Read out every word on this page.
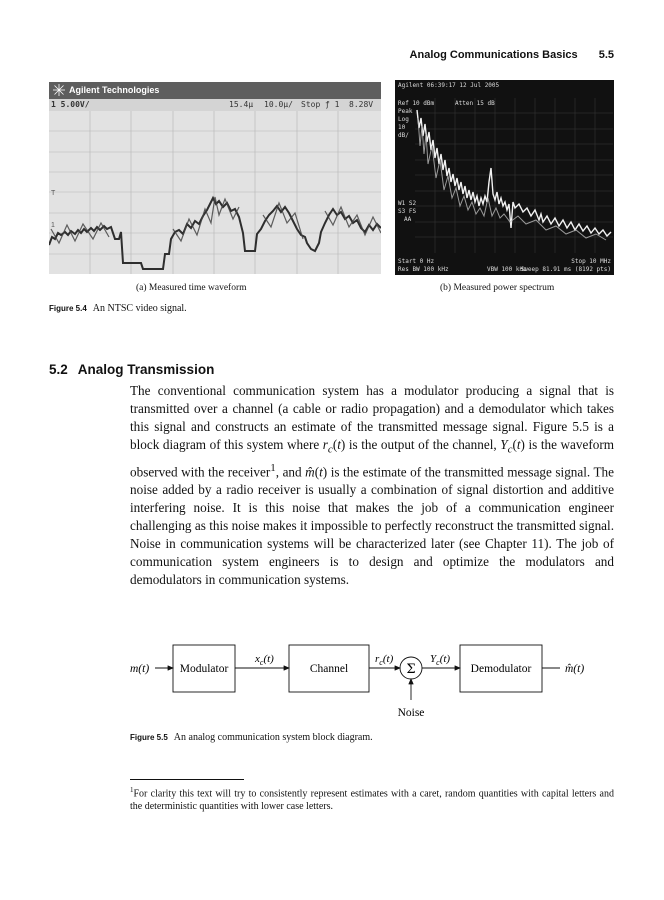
Analog Communications Basics 5.5
Agilent Technologies
1 5.00V/	15.4µ 10.0µ/ Stop ƒ 1 8.28V
T
1
Agilent 06:39:17 12 Jul 2005
Ref 10 dBm	Atten 15 dB
Peak
Log
10
dB/
W1 S2
S3 FS
AA
Start 0 Hz	Stop 10 MHz
Res BW 100 kHz	VBW 100 kHz
Sweep 81.91 ms (8192 pts)
(a) Measured time waveform	(b) Measured power spectrum
Figure 5.4 An NTSC video signal.
5.2 Analog Transmission
The conventional communication system has a modulator producing a signal that is transmitted over a channel (a cable or radio propagation) and a demodulator which takes this signal and constructs an estimate of the transmitted message signal. Figure 5.5 is a block diagram of this system where $r_c(t)$ is the output of the channel, $Y_c(t)$ is the waveform observed with the receiver$^1$, and m̂(t) is the estimate of the transmitted message signal. The noise added by a radio receiver is usually a combination of signal distortion and additive interfering noise. It is this noise that makes the job of a communication engineer challenging as this noise makes it impossible to perfectly reconstruct the transmitted signal. Noise in communication systems will be characterized later (see Chapter 11). The job of communication system engineers is to design and optimize the modulators and demodulators in communication systems.
m(t)	Modulator
$x_c(t)$
Channel
$r_c(t)$
Σ
Noise
$Y_c(t)$
Demodulator	m̂(t)
Figure 5.5 An analog communication system block diagram.
$^1$For clarity this text will try to consistently represent estimates with a caret, random quantities with capital letters and the deterministic quantities with lower case letters.
